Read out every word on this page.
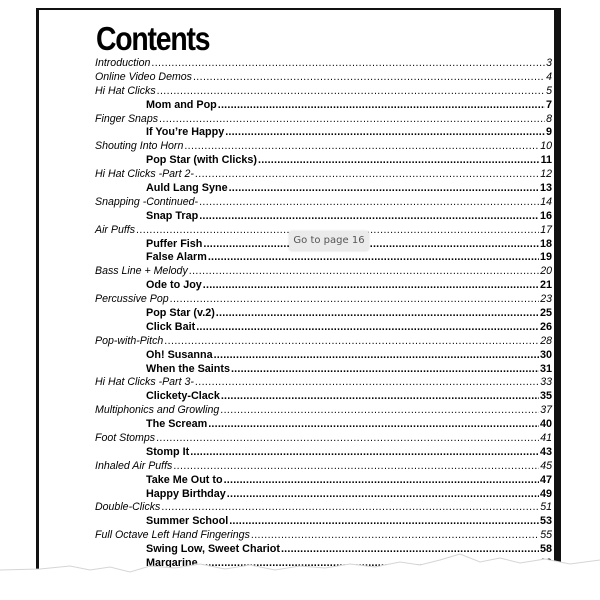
Contents
Introduction .....	3
Online Video Demos .....	4
Hi Hat Clicks .....	5
Mom and Pop .....	7
Finger Snaps .....	8
If You’re Happy .....	9
Shouting Into Horn .....	10
Pop Star (with Clicks) .....	11
Hi Hat Clicks -Part 2- .....	12
Auld Lang Syne .....	13
Snapping -Continued- .....	14
Snap Trap .....	16
Air Puffs .....	17
Puffer Fish .....	18
False Alarm .....	19
Bass Line + Melody .....	20
Ode to Joy .....	21
Percussive Pop .....	23
Pop Star (v.2) .....	25
Click Bait .....	26
Pop-with-Pitch .....	28
Oh! Susanna .....	30
When the Saints .....	31
Hi Hat Clicks -Part 3- .....	33
Clickety-Clack .....	35
Multiphonics and Growling .....	37
The Scream .....	40
Foot Stomps .....	41
Stomp It .....	43
Inhaled Air Puffs .....	45
Take Me Out to .....	47
Happy Birthday .....	49
Double-Clicks .....	51
Summer School .....	53
Full Octave Left Hand Fingerings .....	55
Swing Low, Sweet Chariot .....	58
Margarine
.....
.....
Go to page 16
